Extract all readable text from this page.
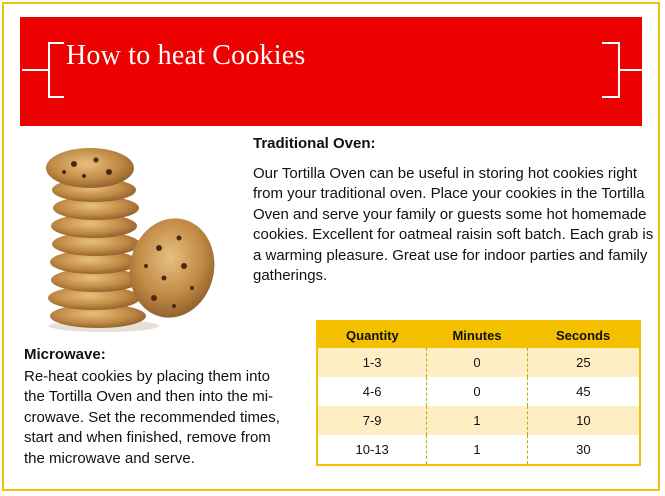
How to heat Cookies
Traditional Oven:
Our Tortilla Oven can be useful in storing hot cookies right from your traditional oven. Place your cookies in the Tortilla Oven and serve your family or guests some hot homemade cookies. Excellent for oatmeal raisin soft batch. Each grab is a warming pleasure. Great use for indoor parties and family gatherings.
Microwave:
Re-heat cookies by placing them into
the Tortilla Oven and then into the mi-
crowave. Set the recommended times,
start and when finished, remove from
the microwave and serve.
Quantity	Minutes	Seconds
1-3	0	25
4-6	0	45
7-9	1	10
10-13	1	30
